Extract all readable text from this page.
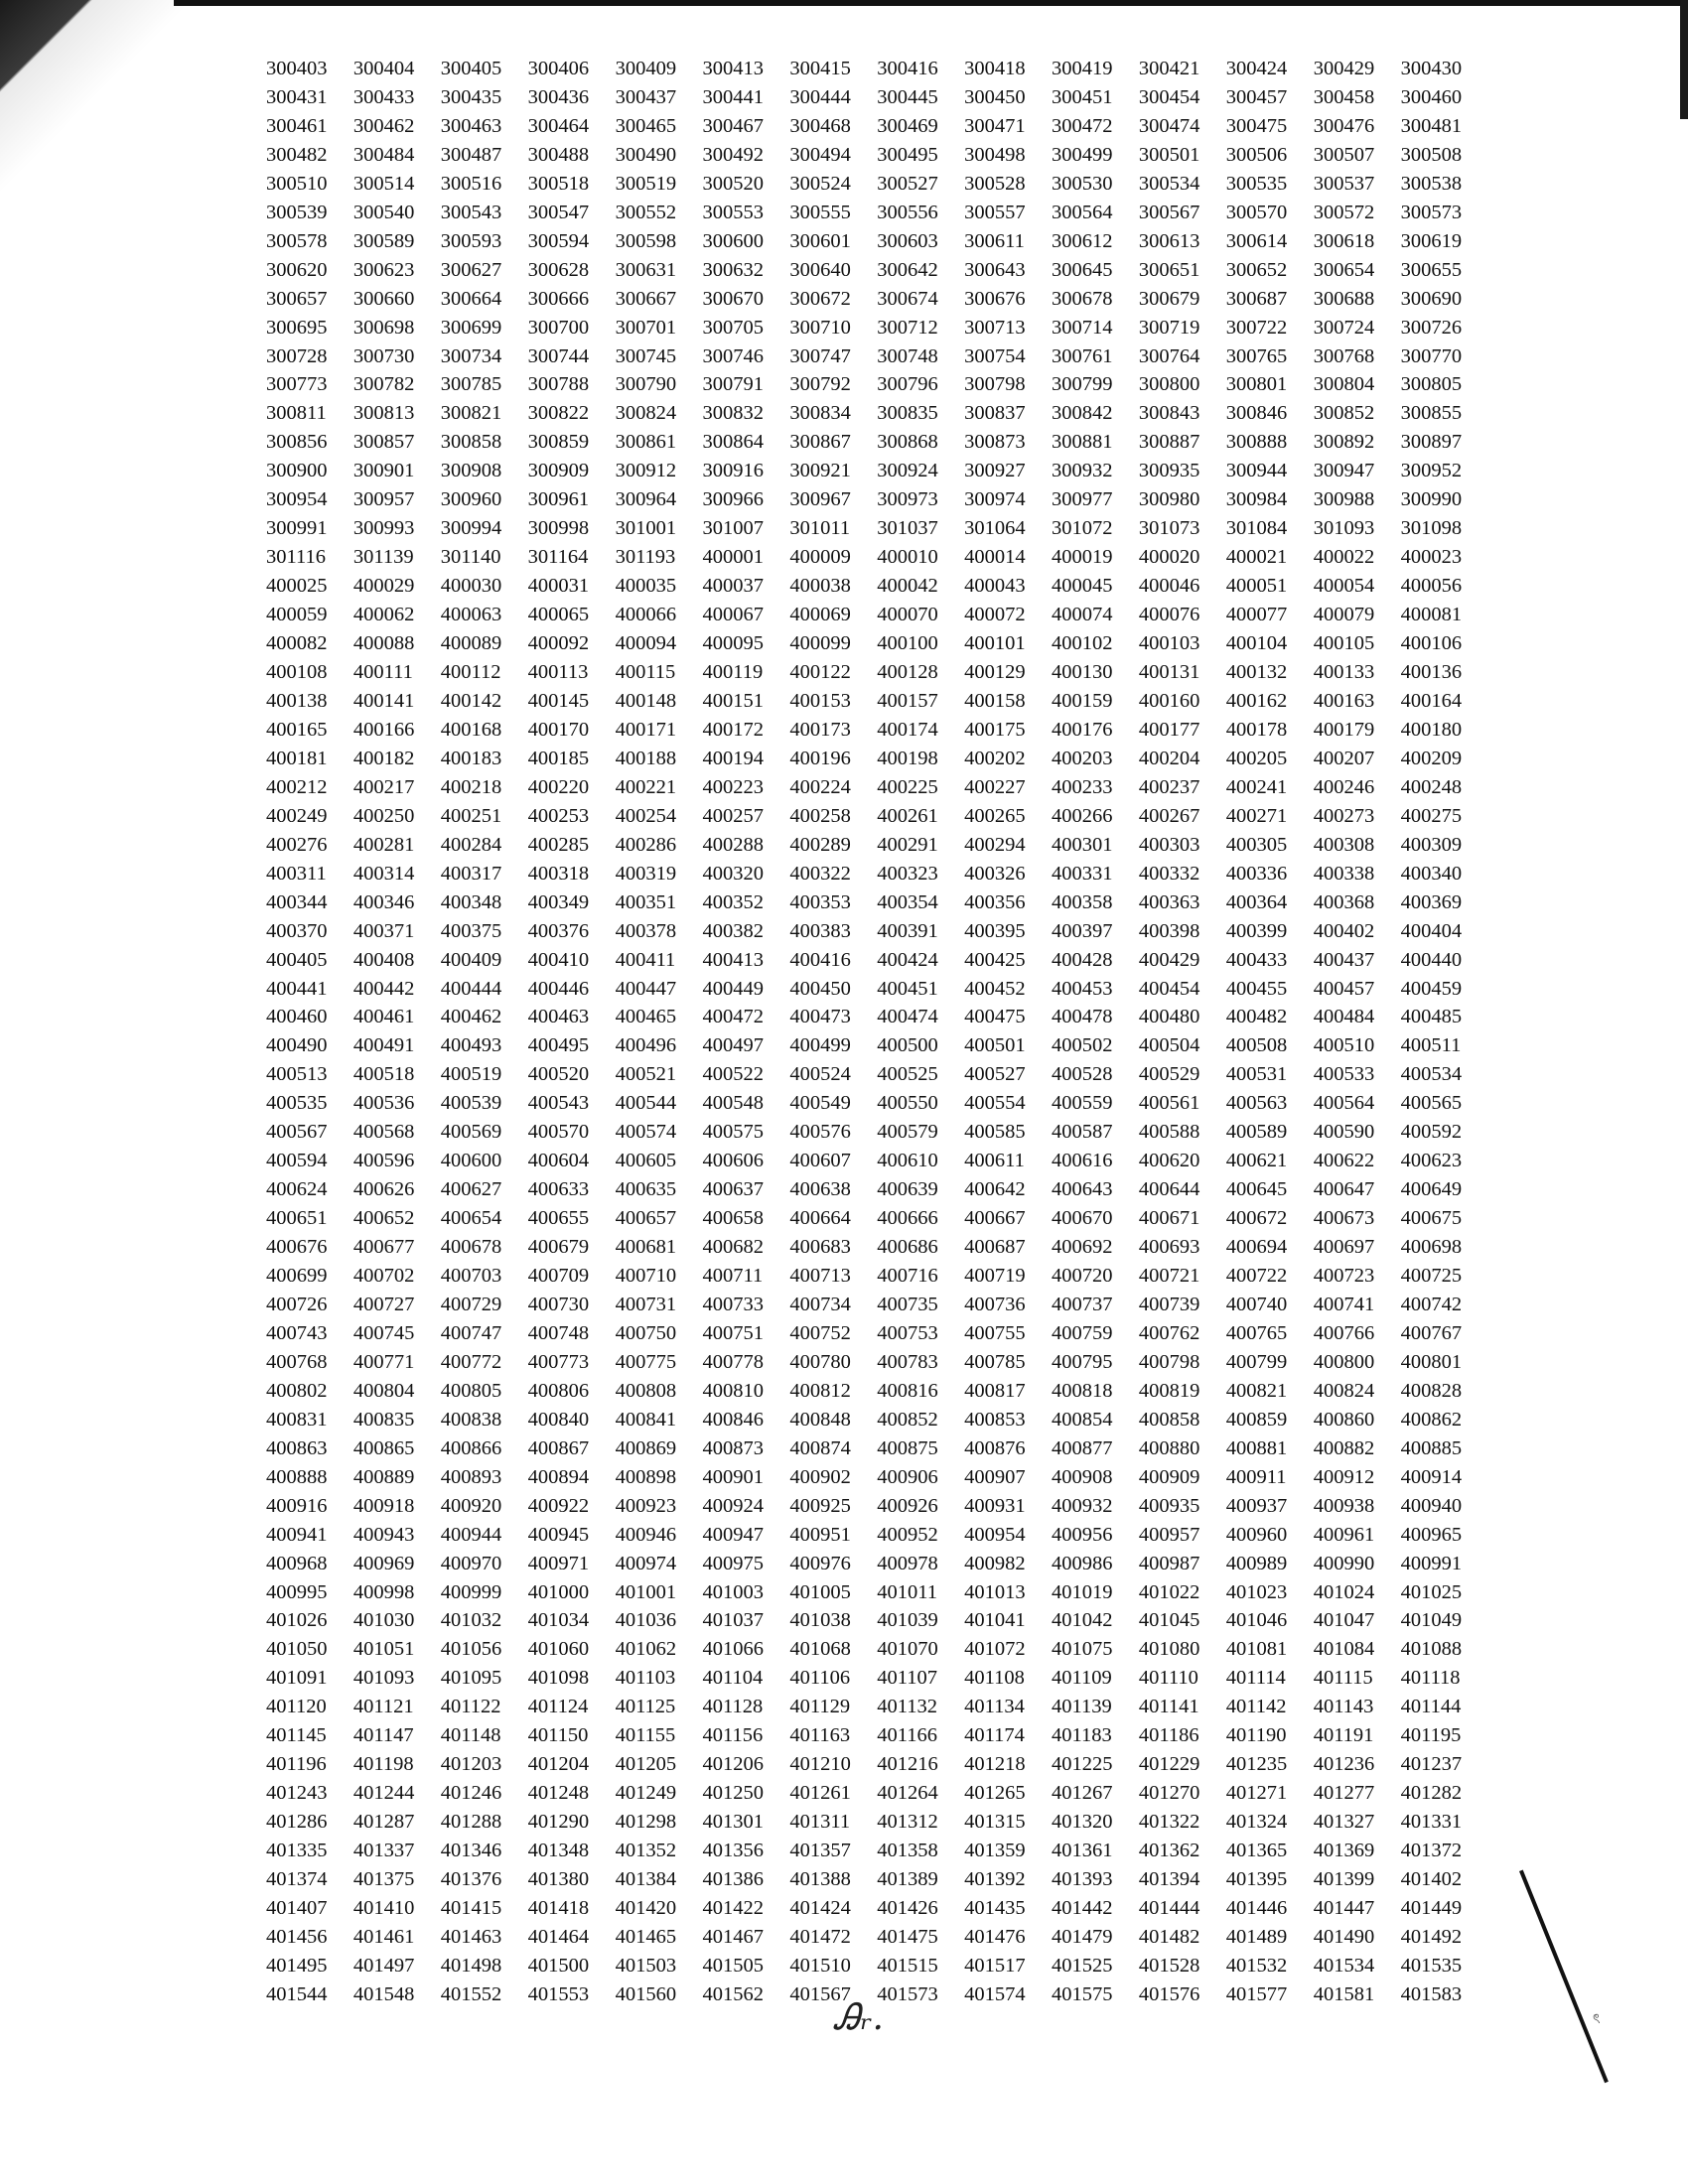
300403	300404	300405	300406	300409	300413	300415	300416	300418	300419	300421	300424	300429	300430
300431	300433	300435	300436	300437	300441	300444	300445	300450	300451	300454	300457	300458	300460
300461	300462	300463	300464	300465	300467	300468	300469	300471	300472	300474	300475	300476	300481
300482	300484	300487	300488	300490	300492	300494	300495	300498	300499	300501	300506	300507	300508
300510	300514	300516	300518	300519	300520	300524	300527	300528	300530	300534	300535	300537	300538
300539	300540	300543	300547	300552	300553	300555	300556	300557	300564	300567	300570	300572	300573
300578	300589	300593	300594	300598	300600	300601	300603	300611	300612	300613	300614	300618	300619
300620	300623	300627	300628	300631	300632	300640	300642	300643	300645	300651	300652	300654	300655
300657	300660	300664	300666	300667	300670	300672	300674	300676	300678	300679	300687	300688	300690
300695	300698	300699	300700	300701	300705	300710	300712	300713	300714	300719	300722	300724	300726
300728	300730	300734	300744	300745	300746	300747	300748	300754	300761	300764	300765	300768	300770
300773	300782	300785	300788	300790	300791	300792	300796	300798	300799	300800	300801	300804	300805
300811	300813	300821	300822	300824	300832	300834	300835	300837	300842	300843	300846	300852	300855
300856	300857	300858	300859	300861	300864	300867	300868	300873	300881	300887	300888	300892	300897
300900	300901	300908	300909	300912	300916	300921	300924	300927	300932	300935	300944	300947	300952
300954	300957	300960	300961	300964	300966	300967	300973	300974	300977	300980	300984	300988	300990
300991	300993	300994	300998	301001	301007	301011	301037	301064	301072	301073	301084	301093	301098
301116	301139	301140	301164	301193	400001	400009	400010	400014	400019	400020	400021	400022	400023
400025	400029	400030	400031	400035	400037	400038	400042	400043	400045	400046	400051	400054	400056
400059	400062	400063	400065	400066	400067	400069	400070	400072	400074	400076	400077	400079	400081
400082	400088	400089	400092	400094	400095	400099	400100	400101	400102	400103	400104	400105	400106
400108	400111	400112	400113	400115	400119	400122	400128	400129	400130	400131	400132	400133	400136
400138	400141	400142	400145	400148	400151	400153	400157	400158	400159	400160	400162	400163	400164
400165	400166	400168	400170	400171	400172	400173	400174	400175	400176	400177	400178	400179	400180
400181	400182	400183	400185	400188	400194	400196	400198	400202	400203	400204	400205	400207	400209
400212	400217	400218	400220	400221	400223	400224	400225	400227	400233	400237	400241	400246	400248
400249	400250	400251	400253	400254	400257	400258	400261	400265	400266	400267	400271	400273	400275
400276	400281	400284	400285	400286	400288	400289	400291	400294	400301	400303	400305	400308	400309
400311	400314	400317	400318	400319	400320	400322	400323	400326	400331	400332	400336	400338	400340
400344	400346	400348	400349	400351	400352	400353	400354	400356	400358	400363	400364	400368	400369
400370	400371	400375	400376	400378	400382	400383	400391	400395	400397	400398	400399	400402	400404
400405	400408	400409	400410	400411	400413	400416	400424	400425	400428	400429	400433	400437	400440
400441	400442	400444	400446	400447	400449	400450	400451	400452	400453	400454	400455	400457	400459
400460	400461	400462	400463	400465	400472	400473	400474	400475	400478	400480	400482	400484	400485
400490	400491	400493	400495	400496	400497	400499	400500	400501	400502	400504	400508	400510	400511
400513	400518	400519	400520	400521	400522	400524	400525	400527	400528	400529	400531	400533	400534
400535	400536	400539	400543	400544	400548	400549	400550	400554	400559	400561	400563	400564	400565
400567	400568	400569	400570	400574	400575	400576	400579	400585	400587	400588	400589	400590	400592
400594	400596	400600	400604	400605	400606	400607	400610	400611	400616	400620	400621	400622	400623
400624	400626	400627	400633	400635	400637	400638	400639	400642	400643	400644	400645	400647	400649
400651	400652	400654	400655	400657	400658	400664	400666	400667	400670	400671	400672	400673	400675
400676	400677	400678	400679	400681	400682	400683	400686	400687	400692	400693	400694	400697	400698
400699	400702	400703	400709	400710	400711	400713	400716	400719	400720	400721	400722	400723	400725
400726	400727	400729	400730	400731	400733	400734	400735	400736	400737	400739	400740	400741	400742
400743	400745	400747	400748	400750	400751	400752	400753	400755	400759	400762	400765	400766	400767
400768	400771	400772	400773	400775	400778	400780	400783	400785	400795	400798	400799	400800	400801
400802	400804	400805	400806	400808	400810	400812	400816	400817	400818	400819	400821	400824	400828
400831	400835	400838	400840	400841	400846	400848	400852	400853	400854	400858	400859	400860	400862
400863	400865	400866	400867	400869	400873	400874	400875	400876	400877	400880	400881	400882	400885
400888	400889	400893	400894	400898	400901	400902	400906	400907	400908	400909	400911	400912	400914
400916	400918	400920	400922	400923	400924	400925	400926	400931	400932	400935	400937	400938	400940
400941	400943	400944	400945	400946	400947	400951	400952	400954	400956	400957	400960	400961	400965
400968	400969	400970	400971	400974	400975	400976	400978	400982	400986	400987	400989	400990	400991
400995	400998	400999	401000	401001	401003	401005	401011	401013	401019	401022	401023	401024	401025
401026	401030	401032	401034	401036	401037	401038	401039	401041	401042	401045	401046	401047	401049
401050	401051	401056	401060	401062	401066	401068	401070	401072	401075	401080	401081	401084	401088
401091	401093	401095	401098	401103	401104	401106	401107	401108	401109	401110	401114	401115	401118
401120	401121	401122	401124	401125	401128	401129	401132	401134	401139	401141	401142	401143	401144
401145	401147	401148	401150	401155	401156	401163	401166	401174	401183	401186	401190	401191	401195
401196	401198	401203	401204	401205	401206	401210	401216	401218	401225	401229	401235	401236	401237
401243	401244	401246	401248	401249	401250	401261	401264	401265	401267	401270	401271	401277	401282
401286	401287	401288	401290	401298	401301	401311	401312	401315	401320	401322	401324	401327	401331
401335	401337	401346	401348	401352	401356	401357	401358	401359	401361	401362	401365	401369	401372
401374	401375	401376	401380	401384	401386	401388	401389	401392	401393	401394	401395	401399	401402
401407	401410	401415	401418	401420	401422	401424	401426	401435	401442	401444	401446	401447	401449
401456	401461	401463	401464	401465	401467	401472	401475	401476	401479	401482	401489	401490	401492
401495	401497	401498	401500	401503	401505	401510	401515	401517	401525	401528	401532	401534	401535
401544	401548	401552	401553	401560	401562	401567	401573	401574	401575	401576	401577	401581	401583
Ꭿᵣ.	ৎ
